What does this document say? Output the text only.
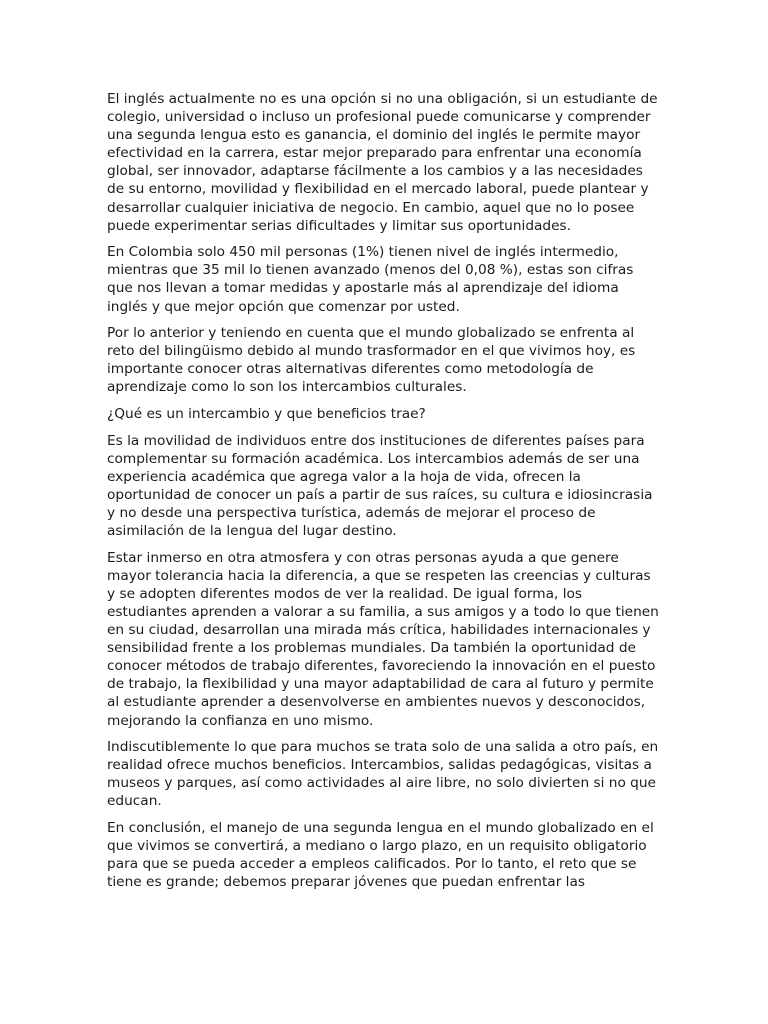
El inglés actualmente no es una opción si no una obligación, si un estudiante de colegio, universidad o incluso un profesional puede comunicarse y comprender una segunda lengua esto es ganancia, el dominio del inglés le permite mayor efectividad en la carrera, estar mejor preparado para enfrentar una economía global, ser innovador, adaptarse fácilmente a los cambios y a las necesidades de su entorno, movilidad y flexibilidad en el mercado laboral, puede plantear y desarrollar cualquier iniciativa de negocio. En cambio, aquel que no lo posee puede experimentar serias dificultades y limitar sus oportunidades.

En Colombia solo 450 mil personas (1%) tienen nivel de inglés intermedio, mientras que 35 mil lo tienen avanzado (menos del 0,08 %), estas son cifras que nos llevan a tomar medidas y apostarle más al aprendizaje del idioma inglés y que mejor opción que comenzar por usted.

Por lo anterior y teniendo en cuenta que el mundo globalizado se enfrenta al reto del bilingüismo debido al mundo trasformador en el que vivimos hoy, es importante conocer otras alternativas diferentes como metodología de aprendizaje como lo son los intercambios culturales.

¿Qué es un intercambio y que beneficios trae?

Es la movilidad de individuos entre dos instituciones de diferentes países para complementar su formación académica. Los intercambios además de ser una experiencia académica que agrega valor a la hoja de vida, ofrecen la oportunidad de conocer un país a partir de sus raíces, su cultura e idiosincrasia y no desde una perspectiva turística, además de mejorar el proceso de asimilación de la lengua del lugar destino.

Estar inmerso en otra atmosfera y con otras personas ayuda a que genere mayor tolerancia hacia la diferencia, a que se respeten las creencias y culturas y se adopten diferentes modos de ver la realidad. De igual forma, los estudiantes aprenden a valorar a su familia, a sus amigos y a todo lo que tienen en su ciudad, desarrollan una mirada más crítica, habilidades internacionales y sensibilidad frente a los problemas mundiales. Da también la oportunidad de conocer métodos de trabajo diferentes, favoreciendo la innovación en el puesto de trabajo, la flexibilidad y una mayor adaptabilidad de cara al futuro y permite al estudiante aprender a desenvolverse en ambientes nuevos y desconocidos, mejorando la confianza en uno mismo.

Indiscutiblemente lo que para muchos se trata solo de una salida a otro país, en realidad ofrece muchos beneficios. Intercambios, salidas pedagógicas, visitas a museos y parques, así como actividades al aire libre, no solo divierten si no que educan.

En conclusión, el manejo de una segunda lengua en el mundo globalizado en el que vivimos se convertirá, a mediano o largo plazo, en un requisito obligatorio para que se pueda acceder a empleos calificados. Por lo tanto, el reto que se tiene es grande; debemos preparar jóvenes que puedan enfrentar las
